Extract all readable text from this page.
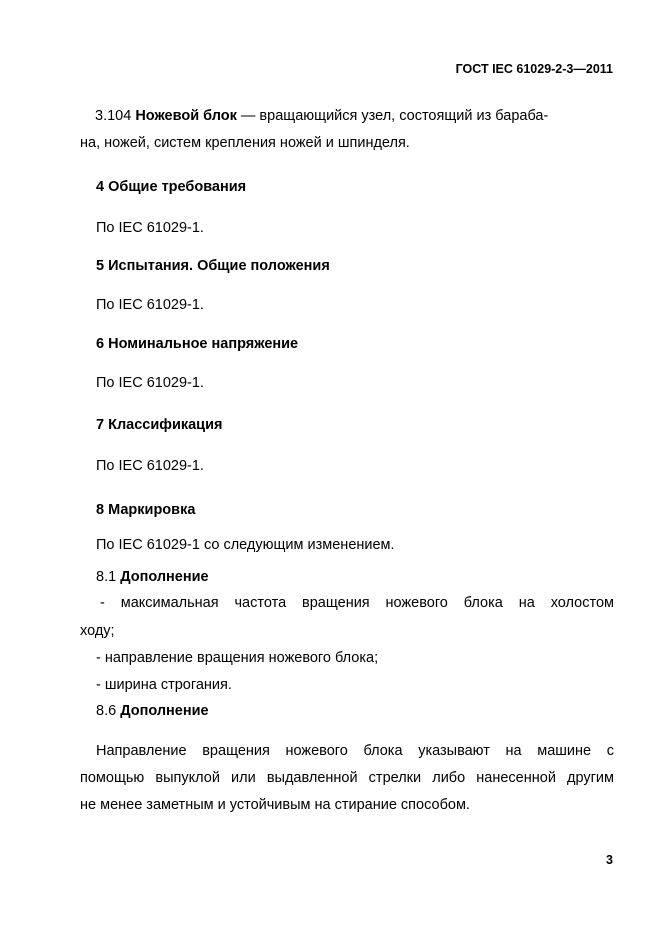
ГОСТ IEC 61029-2-3—2011
3.104 Ножевой блок — вращающийся узел, состоящий из бараба-
на, ножей, систем крепления ножей и шпинделя.
4 Общие требования
По IEC 61029-1.
5 Испытания. Общие положения
По IEC 61029-1.
6 Номинальное напряжение
По IEC 61029-1.
7 Классификация
По IEC 61029-1.
8 Маркировка
По IEC 61029-1 со следующим изменением.
8.1 Дополнение
- максимальная частота вращения ножевого блока на холостом
ходу;
- направление вращения ножевого блока;
- ширина строгания.
8.6 Дополнение
Направление вращения ножевого блока указывают на машине с
помощью выпуклой или выдавленной стрелки либо нанесенной другим
не менее заметным и устойчивым на стирание способом.
3
